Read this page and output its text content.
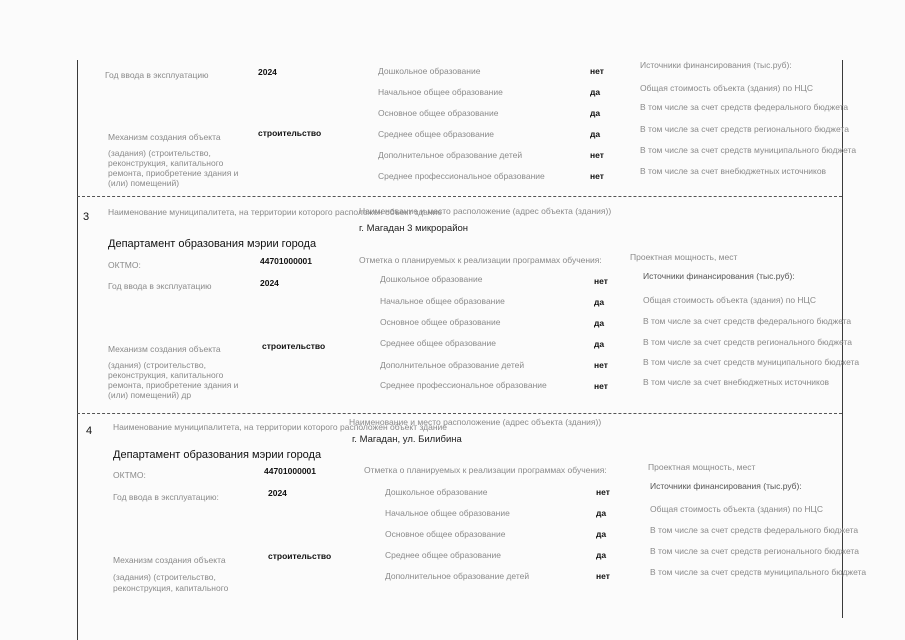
Год ввода в эксплуатацию	2024
Механизм создания объекта	строительство
(задания) (строительство, реконструкция, капитального ремонта, приобретение здания и (или) помещений)
Дошкольное образование	нет
Начальное общее образование	да
Основное общее образование	да
Среднее общее образование	да
Дополнительное образование детей	нет
Среднее профессиональное образование	нет
Источники финансирования (тыс.руб):
Общая стоимость объекта (здания) по НЦС
В том числе за счет средств федерального бюджета
В том числе за счет средств регионального бюджета
В том числе за счет средств муниципального бюджета
В том числе за счет внебюджетных источников
3 Наименование муниципалитета, на территории которого расположен объект здание
Департамент образования мэрии города
ОКТМО:	44701000001
Год ввода в эксплуатацию	2024
Механизм создания объекта	строительство
(здания) (строительство,
реконструкция, капитального
ремонта, приобретение здания и
(или) помещений) др
Наименование и место расположение (адрес объекта (здания))
г. Магадан 3 микрорайон
Отметка о планируемых к реализации программах обучения:	Проектная мощность, мест
Дошкольное образование	нет
Начальное общее образование	да
Основное общее образование	да
Среднее общее образование	да
Дополнительное образование детей	нет
Среднее профессиональное образование	нет
Источники финансирования (тыс.руб):
Общая стоимость объекта (здания) по НЦС
В том числе за счет средств федерального бюджета
В том числе за счет средств регионального бюджета
В том числе за счет средств муниципального бюджета
В том числе за счет внебюджетных источников
4 Наименование муниципалитета, на территории которого расположен объект здание
Департамент образования мэрии города
ОКТМО:	44701000001
Год ввода в эксплуатацию:	2024
Механизм создания объекта	строительство
(задания) (строительство,
реконструкция, капитального
Наименование и место расположение (адрес объекта (здания))
г. Магадан, ул. Билибина
Отметка о планируемых к реализации программах обучения:	Проектная мощность, мест
Дошкольное образование	нет
Начальное общее образование	да
Основное общее образование	да
Среднее общее образование	да
Дополнительное образование детей	нет
Источники финансирования (тыс.руб):
Общая стоимость объекта (здания) по НЦС
В том числе за счет средств федерального бюджета
В том числе за счет средств регионального бюджета
В том числе за счет средств муниципального бюджета
